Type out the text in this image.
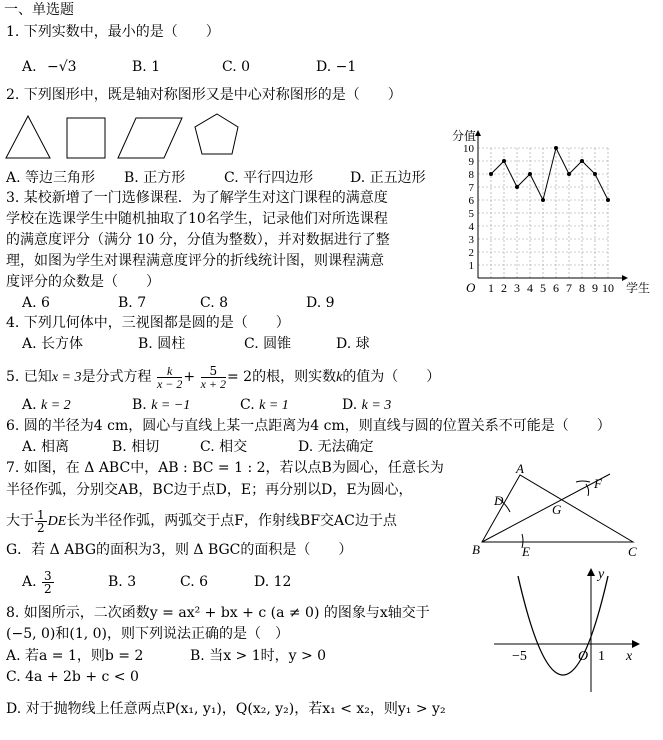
一、单选题
1. 下列实数中，最小的是（　　）
A. −√3	B. 1	C. 0	D. −1
2. 下列图形中，既是轴对称图形又是中心对称图形的是（　　）
A. 等边三角形 B. 正方形	C. 平行四边形	D. 正五边形
3. 某校新增了一门选修课程．为了解学生对这门课程的满意度
学校在选课学生中随机抽取了10名学生，记录他们对所选课程
的满意度评分（满分 10 分，分值为整数），并对数据进行了整
理，如图为学生对课程满意度评分的折线统计图，则课程满意
度评分的众数是（　　）
A. 6	B. 7	C. 8	D. 9
1 2 3 4 5 6 7 8 9 10
1
2
3
4
5
6
7
8
9
10
O
分值
学生
4. 下列几何体中，三视图都是圆的是（　　）
A. 长方体	B. 圆柱	C. 圆锥	D. 球
5. 已知x = 3是分式方程 $\frac{k}{x - 2} + \frac{5}{x + 2} = 2$的根，则实数k的值为（　　）
A. k = 2	B. k = −1	C. k = 1	D. k = 3
6. 圆的半径为4 cm，圆心与直线上某一点距离为4 cm，则直线与圆的位置关系不可能是（　　）
A. 相离	B. 相切	C. 相交	D. 无法确定
7. 如图，在 Δ ABC中，AB : BC = 1 : 2，若以点B为圆心，任意长为
半径作弧，分别交AB，BC边于点D，E；再分别以D，E为圆心，
大于 $\frac{1}{2}$ DE长为半径作弧，两弧交于点F，作射线BF交AC边于点
G．若 Δ ABG的面积为3，则 Δ BGC的面积是（　　）
A. $\frac{3}{2}$	B. 3	C. 6	D. 12
A
B	C
D
E
F
G
8. 如图所示，二次函数y = ax² + bx + c (a ≠ 0) 的图象与x轴交于
(−5, 0)和(1, 0)，则下列说法正确的是（　）
A. 若a = 1，则b = 2	B. 当x > 1时，y > 0
C. 4a + 2b + c < 0
D. 对于抛物线上任意两点P(x₁, y₁)，Q(x₂, y₂)，若x₁ < x₂，则y₁ > y₂
y
x
O
−5	1
